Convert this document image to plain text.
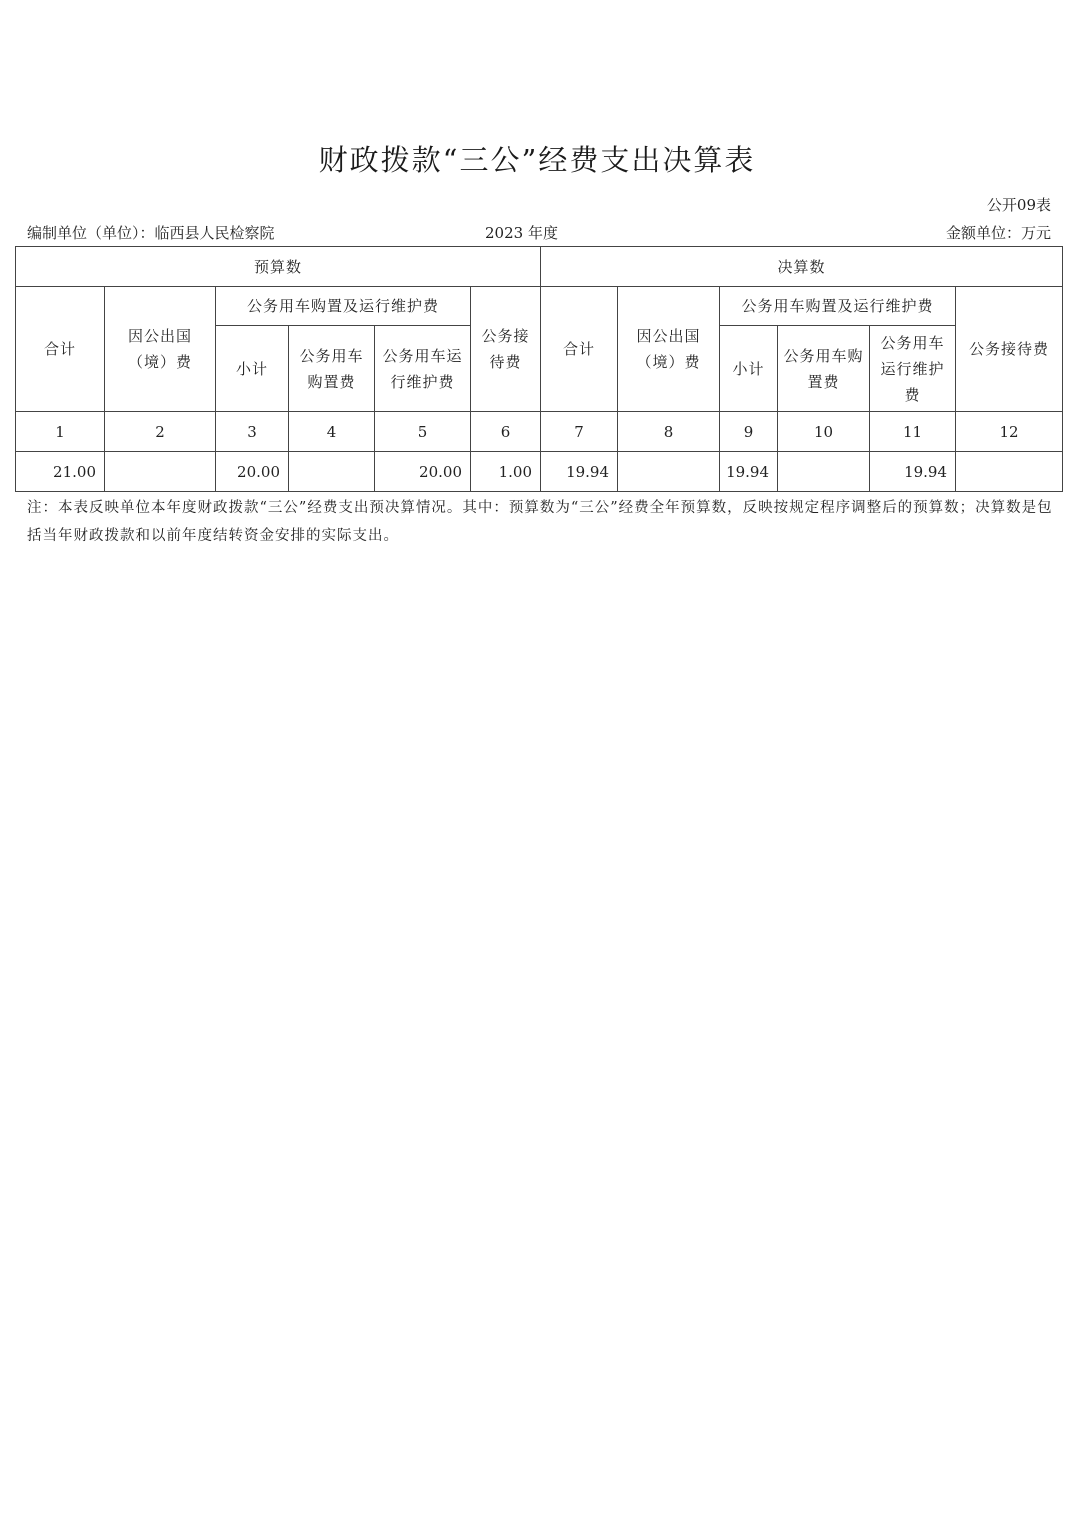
财政拨款“三公”经费支出决算表
公开09表
编制单位（单位）：临西县人民检察院	2023 年度	金额单位：万元
预算数						决算数					
合计	因公出国（境）费	公务用车购置及运行维护费			公务接待费	合计	因公出国（境）费	公务用车购置及运行维护费			公务接待费
		小计	公务用车购置费	公务用车运行维护费				小计	公务用车购置费	公务用车运行维护费	
1	2	3	4	5	6	7	8	9	10	11	12
21.00		20.00		20.00	1.00	19.94		19.94		19.94	
注：本表反映单位本年度财政拨款“三公”经费支出预决算情况。其中：预算数为“三公”经费全年预算数，反映按规定程序调整后的预算数；决算数是包括当年财政拨款和以前年度结转资金安排的实际支出。
